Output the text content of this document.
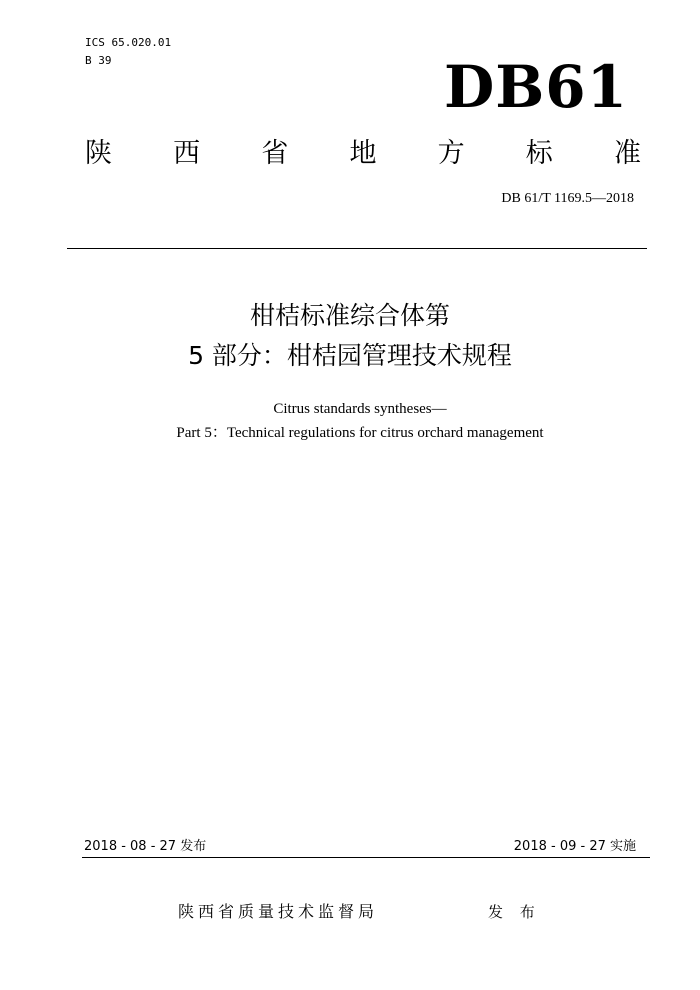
ICS 65.020.01
B 39	DB61
陕 西 省 地 方 标 准
DB 61/T 1169.5—2018
柑桔标准综合体第
5 部分：柑桔园管理技术规程
Citrus standards syntheses—
Part 5：Technical regulations for citrus orchard management
2018 - 08 - 27 发布	2018 - 09 - 27 实施
陕西省质量技术监督局	发 布
